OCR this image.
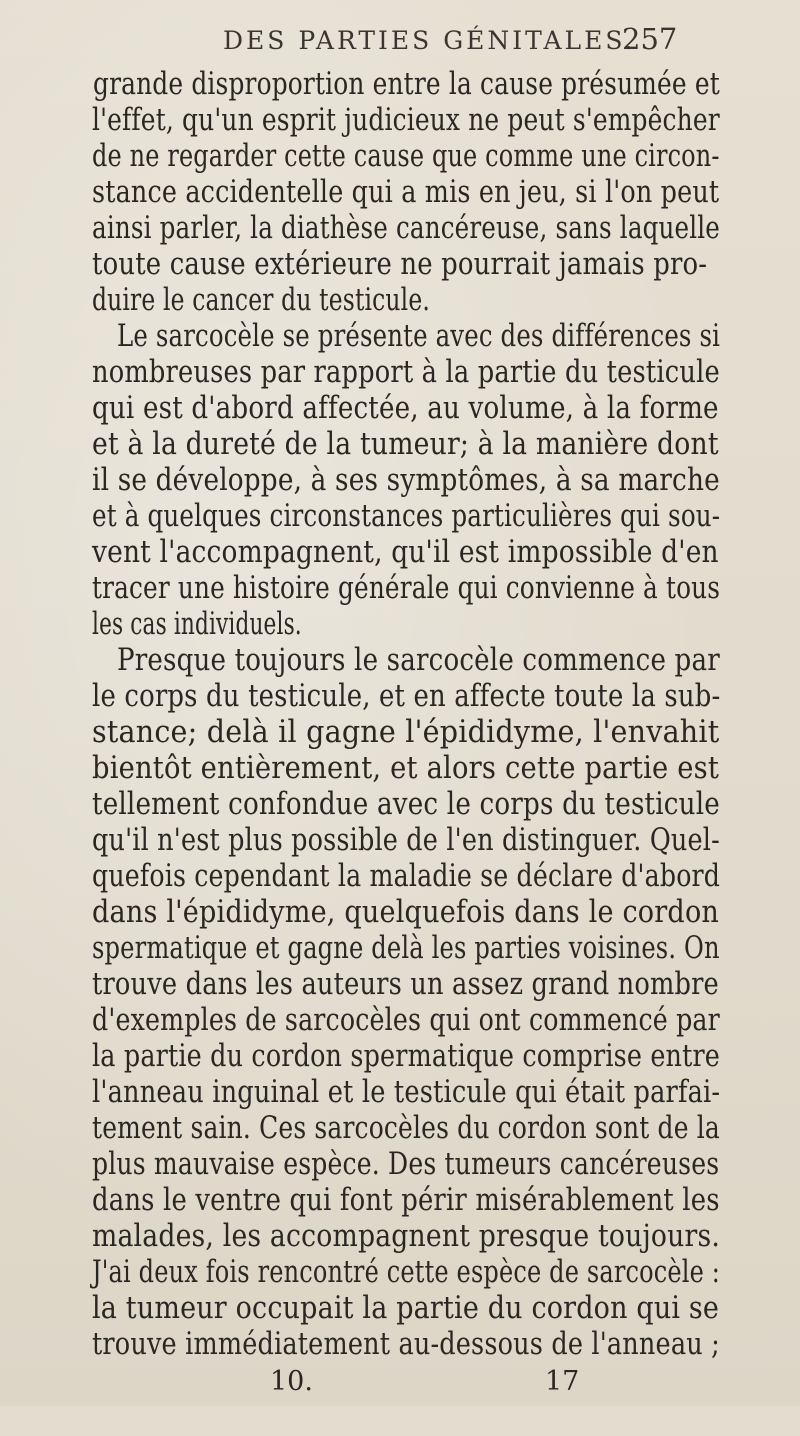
DES PARTIES GÉNITALES.
257
grande disproportion entre la cause présumée et
l'effet, qu'un esprit judicieux ne peut s'empêcher
de ne regarder cette cause que comme une circon-
stance accidentelle qui a mis en jeu, si l'on peut
ainsi parler, la diathèse cancéreuse, sans laquelle
toute cause extérieure ne pourrait jamais pro-
duire le cancer du testicule.
Le sarcocèle se présente avec des différences si
nombreuses par rapport à la partie du testicule
qui est d'abord affectée, au volume, à la forme
et à la dureté de la tumeur; à la manière dont
il se développe, à ses symptômes, à sa marche
et à quelques circonstances particulières qui sou-
vent l'accompagnent, qu'il est impossible d'en
tracer une histoire générale qui convienne à tous
les cas individuels.
Presque toujours le sarcocèle commence par
le corps du testicule, et en affecte toute la sub-
stance; delà il gagne l'épididyme, l'envahit
bientôt entièrement, et alors cette partie est
tellement confondue avec le corps du testicule
qu'il n'est plus possible de l'en distinguer. Quel-
quefois cependant la maladie se déclare d'abord
dans l'épididyme, quelquefois dans le cordon
spermatique et gagne delà les parties voisines. On
trouve dans les auteurs un assez grand nombre
d'exemples de sarcocèles qui ont commencé par
la partie du cordon spermatique comprise entre
l'anneau inguinal et le testicule qui était parfai-
tement sain. Ces sarcocèles du cordon sont de la
plus mauvaise espèce. Des tumeurs cancéreuses
dans le ventre qui font périr misérablement les
malades, les accompagnent presque toujours.
J'ai deux fois rencontré cette espèce de sarcocèle :
la tumeur occupait la partie du cordon qui se
trouve immédiatement au-dessous de l'anneau ;
10.	17
